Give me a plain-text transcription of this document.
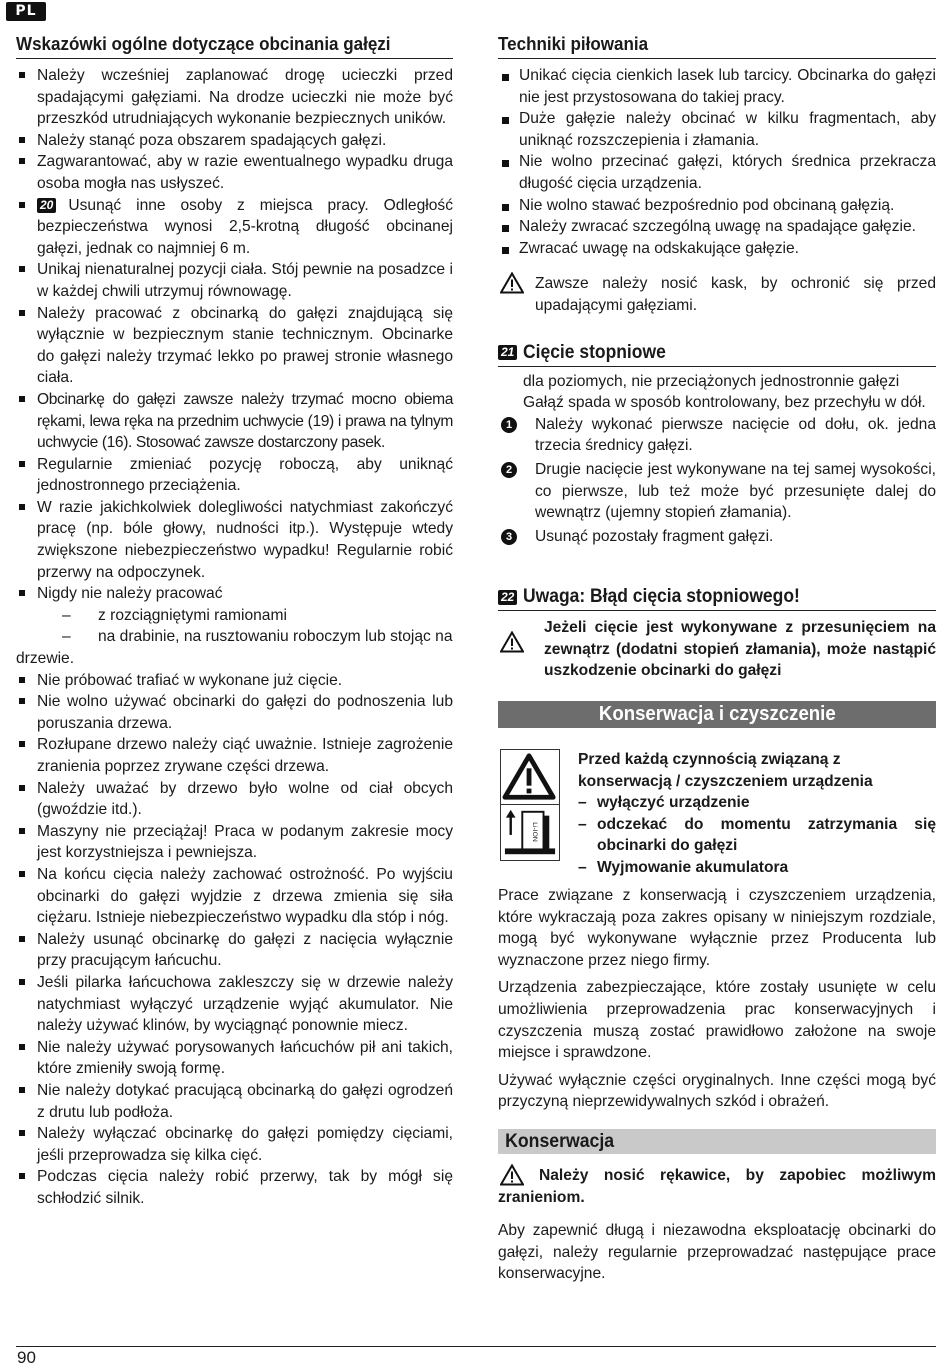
PL
Wskazówki ogólne dotyczące obcinania gałęzi
Należy wcześniej zaplanować drogę ucieczki przed spadającymi gałęziami. Na drodze ucieczki nie może być przeszkód utrudniających wykonanie bezpiecznych uników.
Należy stanąć poza obszarem spadających gałęzi.
Zagwarantować, aby w razie ewentualnego wypadku druga osoba mogła nas usłyszeć.
20 Usunąć inne osoby z miejsca pracy. Odległość bezpieczeństwa wynosi 2,5-krotną długość obcinanej gałęzi, jednak co najmniej 6 m.
Unikaj nienaturalnej pozycji ciała. Stój pewnie na posadzce i w każdej chwili utrzymuj równowagę.
Należy pracować z obcinarką do gałęzi znajdującą się wyłącznie w bezpiecznym stanie technicznym. Obcinarke do gałęzi należy trzymać lekko po prawej stronie własnego ciała.
Obcinarkę do gałęzi zawsze należy trzymać mocno obiema rękami, lewa ręka na przednim uchwycie (19) i prawa na tylnym uchwycie (16). Stosować zawsze dostarczony pasek.
Regularnie zmieniać pozycję roboczą, aby uniknąć jednostronnego przeciążenia.
W razie jakichkolwiek dolegliwości natychmiast zakończyć pracę (np. bóle głowy, nudności itp.). Występuje wtedy zwiększone niebezpieczeństwo wypadku! Regularnie robić przerwy na odpoczynek.
Nigdy nie należy pracować
– z rozciągniętymi ramionami
– na drabinie, na rusztowaniu roboczym lub stojąc na
drzewie.
Nie próbować trafiać w wykonane już cięcie.
Nie wolno używać obcinarki do gałęzi do podnoszenia lub poruszania drzewa.
Rozłupane drzewo należy ciąć uważnie. Istnieje zagrożenie zranienia poprzez zrywane części drzewa.
Należy uważać by drzewo było wolne od ciał obcych (gwoździe itd.).
Maszyny nie przeciążaj! Praca w podanym zakresie mocy jest korzystniejsza i pewniejsza.
Na końcu cięcia należy zachować ostrożność. Po wyjściu obcinarki do gałęzi wyjdzie z drzewa zmienia się siła ciężaru. Istnieje niebezpieczeństwo wypadku dla stóp i nóg.
Należy usunąć obcinarkę do gałęzi z nacięcia wyłącznie przy pracującym łańcuchu.
Jeśli pilarka łańcuchowa zakleszczy się w drzewie należy natychmiast wyłączyć urządzenie wyjąć akumulator. Nie należy używać klinów, by wyciągnąć ponownie miecz.
Nie należy używać porysowanych łańcuchów pił ani takich, które zmieniły swoją formę.
Nie należy dotykać pracującą obcinarką do gałęzi ogrodzeń z drutu lub podłoża.
Należy wyłączać obcinarkę do gałęzi pomiędzy cięciami, jeśli przeprowadza się kilka cięć.
Podczas cięcia należy robić przerwy, tak by mógł się schłodzić silnik.
Techniki piłowania
Unikać cięcia cienkich lasek lub tarcicy. Obcinarka do gałęzi nie jest przystosowana do takiej pracy.
Duże gałęzie należy obcinać w kilku fragmentach, aby uniknąć rozszczepienia i złamania.
Nie wolno przecinać gałęzi, których średnica przekracza długość cięcia urządzenia.
Nie wolno stawać bezpośrednio pod obcinaną gałęzią.
Należy zwracać szczególną uwagę na spadające gałęzie.
Zwracać uwagę na odskakujące gałęzie.
Zawsze należy nosić kask, by ochronić się przed upadającymi gałęziami.
21 Cięcie stopniowe
dla poziomych, nie przeciążonych jednostronnie gałęzi
Gałąź spada w sposób kontrolowany, bez przechyłu w dół.
1	Należy wykonać pierwsze nacięcie od dołu, ok. jedna trzecia średnicy gałęzi.
2	Drugie nacięcie jest wykonywane na tej samej wysokości, co pierwsze, lub też może być przesunięte dalej do wewnątrz (ujemny stopień złamania).
3	Usunąć pozostały fragment gałęzi.
22 Uwaga: Błąd cięcia stopniowego!

Jeżeli cięcie jest wykonywane z przesunięciem na zewnątrz (dodatni stopień złamania), może nastąpić uszkodzenie obcinarki do gałęzi

Konserwacja i czyszczenie
Li-ION

Przed każdą czynnością związaną z konserwacją / czyszczeniem urządzenia

– wyłączyć urządzenie
– odczekać do momentu zatrzymania się obcinarki do gałęzi
– Wyjmowanie akumulatora

Prace związane z konserwacją i czyszczeniem urządzenia, które wykraczają poza zakres opisany w niniejszym rozdziale, mogą być wykonywane wyłącznie przez Producenta lub wyznaczone przez niego firmy.

Urządzenia zabezpieczające, które zostały usunięte w celu umożliwienia przeprowadzenia prac konserwacyjnych i czyszczenia muszą zostać prawidłowo założone na swoje miejsce i sprawdzone.

Używać wyłącznie części oryginalnych. Inne części mogą być przyczyną nieprzewidywalnych szkód i obrażeń.

Konserwacja

Należy nosić rękawice, by zapobiec możliwym zranieniom.

Aby zapewnić długą i niezawodna eksploatację obcinarki do gałęzi, należy regularnie przeprowadzać następujące prace konserwacyjne.

90
